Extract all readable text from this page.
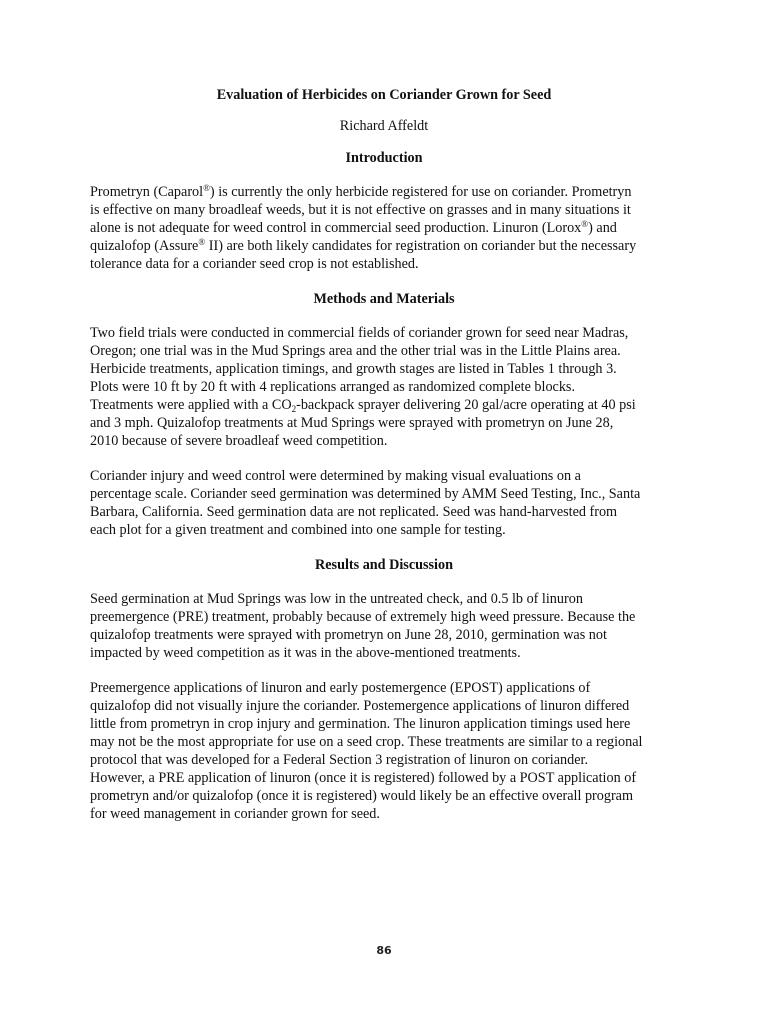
Evaluation of Herbicides on Coriander Grown for Seed
Richard Affeldt
Introduction
Prometryn (Caparol®) is currently the only herbicide registered for use on coriander. Prometryn
is effective on many broadleaf weeds, but it is not effective on grasses and in many situations it
alone is not adequate for weed control in commercial seed production. Linuron (Lorox®) and
quizalofop (Assure® II) are both likely candidates for registration on coriander but the necessary
tolerance data for a coriander seed crop is not established.
Methods and Materials
Two field trials were conducted in commercial fields of coriander grown for seed near Madras,
Oregon; one trial was in the Mud Springs area and the other trial was in the Little Plains area.
Herbicide treatments, application timings, and growth stages are listed in Tables 1 through 3.
Plots were 10 ft by 20 ft with 4 replications arranged as randomized complete blocks.
Treatments were applied with a $CO_2$-backpack sprayer delivering 20 gal/acre operating at 40 psi
and 3 mph. Quizalofop treatments at Mud Springs were sprayed with prometryn on June 28,
2010 because of severe broadleaf weed competition.
Coriander injury and weed control were determined by making visual evaluations on a
percentage scale. Coriander seed germination was determined by AMM Seed Testing, Inc., Santa
Barbara, California. Seed germination data are not replicated. Seed was hand-harvested from
each plot for a given treatment and combined into one sample for testing.
Results and Discussion
Seed germination at Mud Springs was low in the untreated check, and 0.5 lb of linuron
preemergence (PRE) treatment, probably because of extremely high weed pressure. Because the
quizalofop treatments were sprayed with prometryn on June 28, 2010, germination was not
impacted by weed competition as it was in the above-mentioned treatments.
Preemergence applications of linuron and early postemergence (EPOST) applications of
quizalofop did not visually injure the coriander. Postemergence applications of linuron differed
little from prometryn in crop injury and germination. The linuron application timings used here
may not be the most appropriate for use on a seed crop. These treatments are similar to a regional
protocol that was developed for a Federal Section 3 registration of linuron on coriander.
However, a PRE application of linuron (once it is registered) followed by a POST application of
prometryn and/or quizalofop (once it is registered) would likely be an effective overall program
for weed management in coriander grown for seed.
86
